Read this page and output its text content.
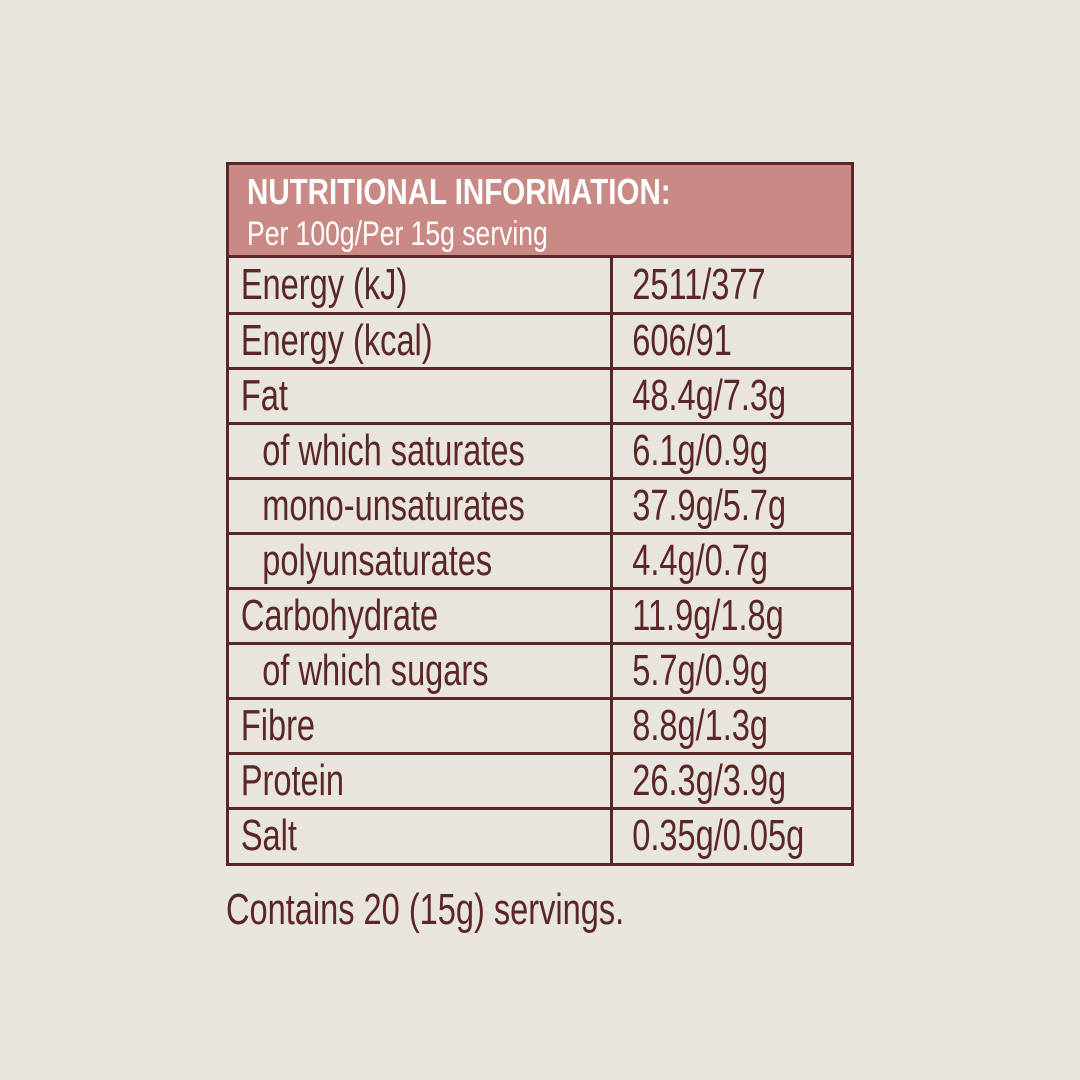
NUTRITIONAL INFORMATION:
Per 100g/Per 15g serving
Energy (kJ)	2511/377
Energy (kcal)	606/91
Fat	48.4g/7.3g
of which saturates	6.1g/0.9g
mono-unsaturates	37.9g/5.7g
polyunsaturates	4.4g/0.7g
Carbohydrate	11.9g/1.8g
of which sugars	5.7g/0.9g
Fibre	8.8g/1.3g
Protein	26.3g/3.9g
Salt	0.35g/0.05g
Contains 20 (15g) servings.
